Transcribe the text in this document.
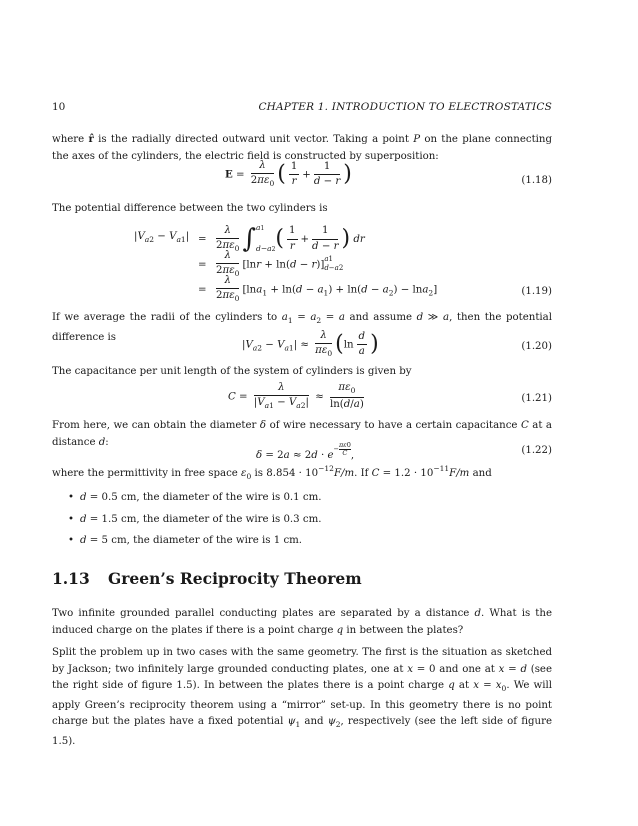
10	CHAPTER 1. INTRODUCTION TO ELECTROSTATICS
where r̂ is the radially directed outward unit vector. Taking a point P on the plane connecting the axes of the cylinders, the electric field is constructed by superposition:
$E = \frac{\lambda}{2\pi\varepsilon_0}$ ( $\frac{1}{r} + \frac{1}{d - r}$ )	(1.18)
The potential difference between the two cylinders is
$|V_{a2} - V_{a1}| = \frac{\lambda}{2\pi\varepsilon_0}$ ∫ a1
d−a2 ( $\frac{1}{r} + \frac{1}{d - r}$ ) dr
= $\frac{\lambda}{2\pi\varepsilon_0} [\ln r + \ln(d - r)]$ a1
d−a2
= $\frac{\lambda}{2\pi\varepsilon_0} [\ln a_1 + \ln(d - a_1) + \ln(d - a_2) - \ln a_2]$	(1.19)
If we average the radii of the cylinders to $a_1 = a_2 = a$ and assume d ≫ a, then the potential difference is
$|V_{a2} - V_{a1}| \approx \frac{\lambda}{\pi\varepsilon_0} (\ln \frac{d}{a}$ )	(1.20)
The capacitance per unit length of the system of cylinders is given by
$C = \frac{\lambda}{|V_{a1} - V_{a2}|} \approx \frac{\pi\varepsilon_0}{\ln(d/a)}$	(1.21)
From here, we can obtain the diameter δ of wire necessary to have a certain capacitance C at a distance d:
$\delta = 2a \approx 2d \cdot e^{- \frac{\pi\varepsilon 0}{C}}$ ,	(1.22)
where the permittivity in free space $\varepsilon_0$ is $8.854 \cdot 10^{-12}F/m$. If $C = 1.2 \cdot 10^{-11}F/m$ and
• d = 0.5 cm, the diameter of the wire is 0.1 cm.
• d = 1.5 cm, the diameter of the wire is 0.3 cm.
• d = 5 cm, the diameter of the wire is 1 cm.
1.13 Green’s Reciprocity Theorem
Two infinite grounded parallel conducting plates are separated by a distance d. What is the induced charge on the plates if there is a point charge q in between the plates?
Split the problem up in two cases with the same geometry. The first is the situation as sketched by Jackson; two infinitely large grounded conducting plates, one at x = 0 and one at x = d (see the right side of figure 1.5). In between the plates there is a point charge q at $x = x_0$. We will apply Green’s reciprocity theorem using a “mirror” set-up. In this geometry there is no point charge but the plates have a fixed potential $\psi_1$ and $\psi_2$, respectively (see the left side of figure 1.5).
